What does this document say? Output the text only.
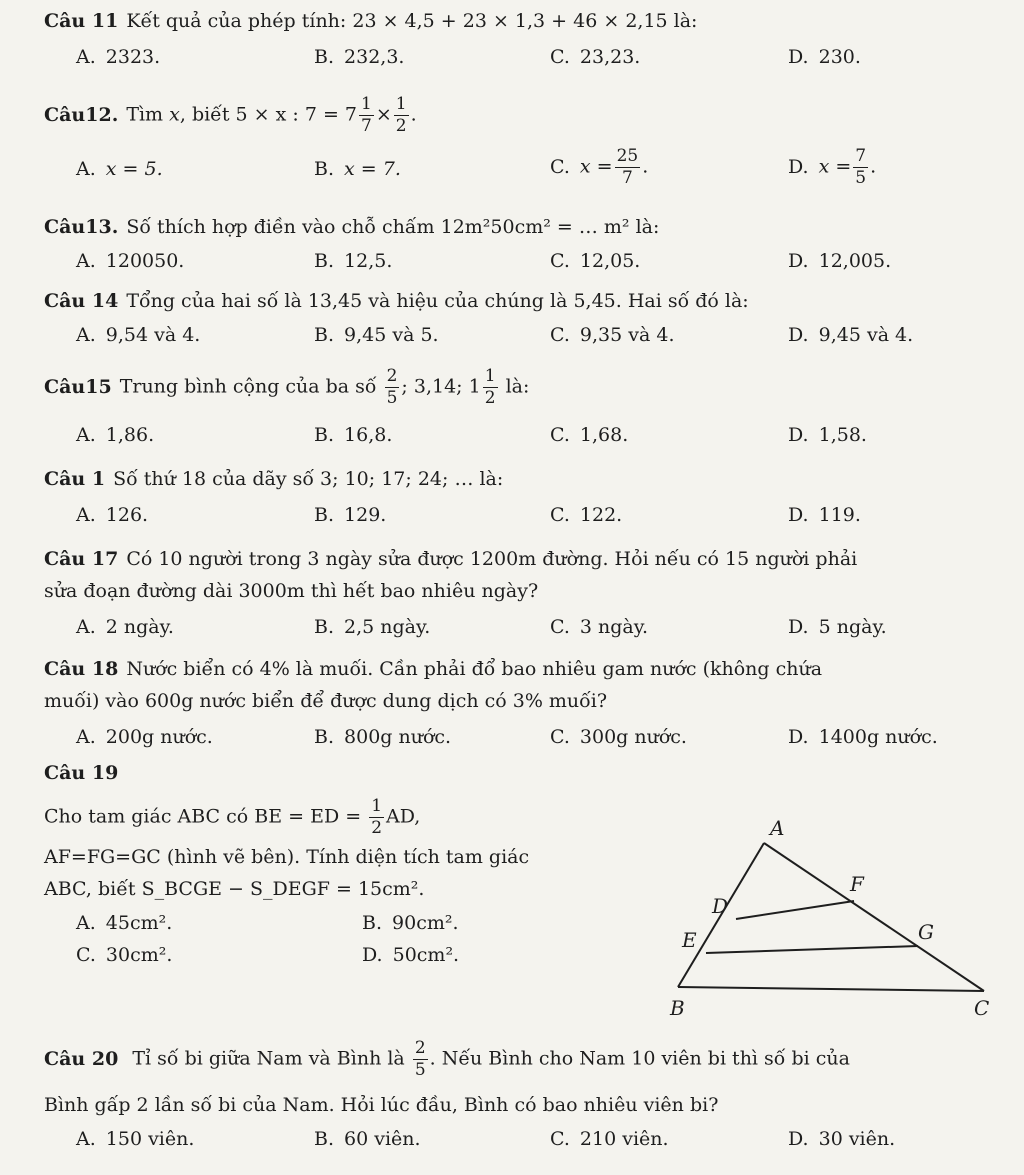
Câu 11 Kết quả của phép tính: 23 × 4,5 + 23 × 1,3 + 46 × 2,15 là:
A. 2323.	B. 232,3.	C. 23,23.	D. 230.
Câu12. Tìm x, biết 5 × x : $7 = 7 \frac{1}{7} \times \frac{1}{2}$ .
A. x = 5.	B. x = 7.	C. $x = \frac{25}{7}$ .	D. $x = \frac{7}{5}$ .
Câu13. Số thích hợp điền vào chỗ chấm 12m²50cm² = … m² là:
A. 120050.	B. 12,5.	C. 12,05.	D. 12,005.
Câu 14 Tổng của hai số là 13,45 và hiệu của chúng là 5,45. Hai số đó là:
A. 9,54 và 4.	B. 9,45 và 5.	C. 9,35 và 4.	D. 9,45 và 4.
Câu15 Trung bình cộng của ba số $\frac{2}{5}$ ; 3,14; $1 \frac{1}{2}$ là:
A. 1,86.	B. 16,8.	C. 1,68.	D. 1,58.
Câu 1 Số thứ 18 của dãy số 3; 10; 17; 24; … là:
A. 126.	B. 129.	C. 122.	D. 119.
Câu 17 Có 10 người trong 3 ngày sửa được 1200m đường. Hỏi nếu có 15 người phải
sửa đoạn đường dài 3000m thì hết bao nhiêu ngày?
A. 2 ngày.	B. 2,5 ngày.	C. 3 ngày.	D. 5 ngày.
Câu 18 Nước biển có 4% là muối. Cần phải đổ bao nhiêu gam nước (không chứa
muối) vào 600g nước biển để được dung dịch có 3% muối?
A. 200g nước.	B. 800g nước.	C. 300g nước.	D. 1400g nước.
Câu 19
Cho tam giác ABC có BE = ED = $\frac{1}{2}$ AD,
AF=FG=GC (hình vẽ bên). Tính diện tích tam giác
ABC, biết S_BCGE − S_DEGF = 15cm².
A. 45cm².	B. 90cm².
C. 30cm².	D. 50cm².
A
B	C
D
E
F
G
Câu 20 Tỉ số bi giữa Nam và Bình là $\frac{2}{5}$ . Nếu Bình cho Nam 10 viên bi thì số bi của
Bình gấp 2 lần số bi của Nam. Hỏi lúc đầu, Bình có bao nhiêu viên bi?
A. 150 viên.	B. 60 viên.	C. 210 viên.	D. 30 viên.
